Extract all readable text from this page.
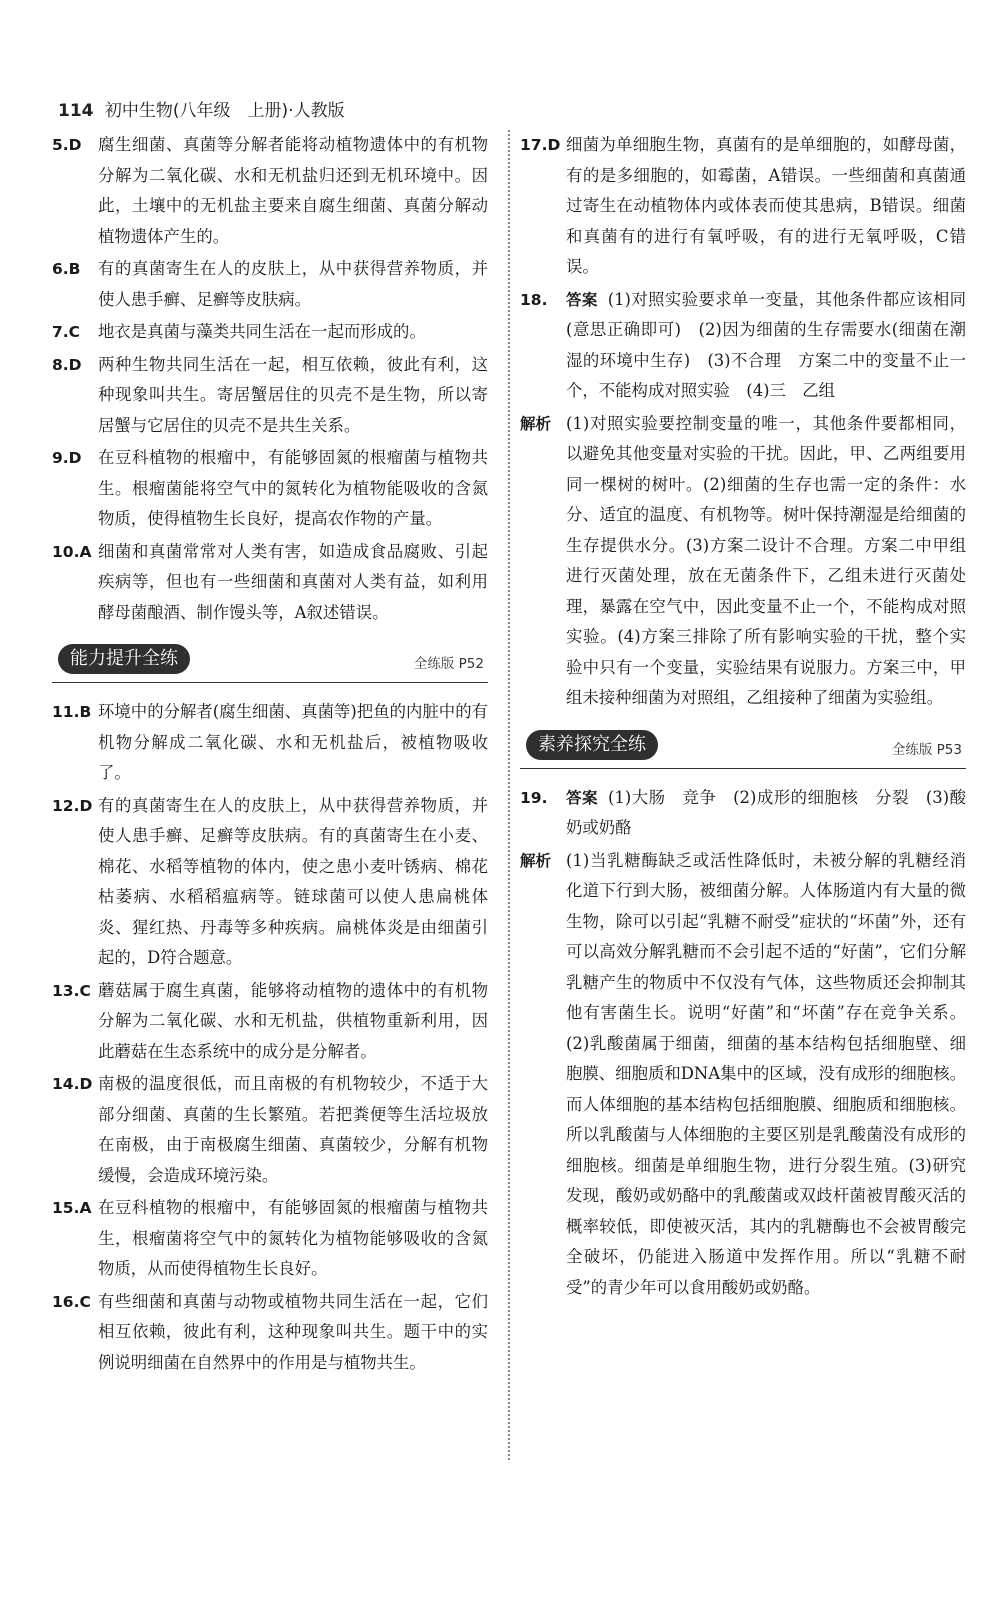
114 初中生物(八年级　上册)·人教版
5.D 腐生细菌、真菌等分解者能将动植物遗体中的有机物分解为二氧化碳、水和无机盐归还到无机环境中。因此，土壤中的无机盐主要来自腐生细菌、真菌分解动植物遗体产生的。
6.B 有的真菌寄生在人的皮肤上，从中获得营养物质，并使人患手癣、足癣等皮肤病。
7.C 地衣是真菌与藻类共同生活在一起而形成的。
8.D 两种生物共同生活在一起，相互依赖，彼此有利，这种现象叫共生。寄居蟹居住的贝壳不是生物，所以寄居蟹与它居住的贝壳不是共生关系。
9.D 在豆科植物的根瘤中，有能够固氮的根瘤菌与植物共生。根瘤菌能将空气中的氮转化为植物能吸收的含氮物质，使得植物生长良好，提高农作物的产量。
10.A 细菌和真菌常常对人类有害，如造成食品腐败、引起疾病等，但也有一些细菌和真菌对人类有益，如利用酵母菌酿酒、制作馒头等，A叙述错误。
能力提升全练	全练版 P52
11.B 环境中的分解者(腐生细菌、真菌等)把鱼的内脏中的有机物分解成二氧化碳、水和无机盐后，被植物吸收了。
12.D 有的真菌寄生在人的皮肤上，从中获得营养物质，并使人患手癣、足癣等皮肤病。有的真菌寄生在小麦、棉花、水稻等植物的体内，使之患小麦叶锈病、棉花枯萎病、水稻稻瘟病等。链球菌可以使人患扁桃体炎、猩红热、丹毒等多种疾病。扁桃体炎是由细菌引起的，D符合题意。
13.C 蘑菇属于腐生真菌，能够将动植物的遗体中的有机物分解为二氧化碳、水和无机盐，供植物重新利用，因此蘑菇在生态系统中的成分是分解者。
14.D 南极的温度很低，而且南极的有机物较少，不适于大部分细菌、真菌的生长繁殖。若把粪便等生活垃圾放在南极，由于南极腐生细菌、真菌较少，分解有机物缓慢，会造成环境污染。
15.A 在豆科植物的根瘤中，有能够固氮的根瘤菌与植物共生，根瘤菌将空气中的氮转化为植物能够吸收的含氮物质，从而使得植物生长良好。
16.C 有些细菌和真菌与动物或植物共同生活在一起，它们相互依赖，彼此有利，这种现象叫共生。题干中的实例说明细菌在自然界中的作用是与植物共生。
17.D 细菌为单细胞生物，真菌有的是单细胞的，如酵母菌，有的是多细胞的，如霉菌，A错误。一些细菌和真菌通过寄生在动植物体内或体表而使其患病，B错误。细菌和真菌有的进行有氧呼吸，有的进行无氧呼吸，C错误。
18. 答案 (1)对照实验要求单一变量，其他条件都应该相同(意思正确即可)　(2)因为细菌的生存需要水(细菌在潮湿的环境中生存)　(3)不合理　方案二中的变量不止一个，不能构成对照实验　(4)三　乙组
解析 (1)对照实验要控制变量的唯一，其他条件要都相同，以避免其他变量对实验的干扰。因此，甲、乙两组要用同一棵树的树叶。(2)细菌的生存也需一定的条件：水分、适宜的温度、有机物等。树叶保持潮湿是给细菌的生存提供水分。(3)方案二设计不合理。方案二中甲组进行灭菌处理，放在无菌条件下，乙组未进行灭菌处理，暴露在空气中，因此变量不止一个，不能构成对照实验。(4)方案三排除了所有影响实验的干扰，整个实验中只有一个变量，实验结果有说服力。方案三中，甲组未接种细菌为对照组，乙组接种了细菌为实验组。
素养探究全练	全练版 P53
19. 答案 (1)大肠　竞争　(2)成形的细胞核　分裂　(3)酸奶或奶酪
解析 (1)当乳糖酶缺乏或活性降低时，未被分解的乳糖经消化道下行到大肠，被细菌分解。人体肠道内有大量的微生物，除可以引起“乳糖不耐受”症状的“坏菌”外，还有可以高效分解乳糖而不会引起不适的“好菌”，它们分解乳糖产生的物质中不仅没有气体，这些物质还会抑制其他有害菌生长。说明“好菌”和“坏菌”存在竞争关系。(2)乳酸菌属于细菌，细菌的基本结构包括细胞壁、细胞膜、细胞质和DNA集中的区域，没有成形的细胞核。而人体细胞的基本结构包括细胞膜、细胞质和细胞核。所以乳酸菌与人体细胞的主要区别是乳酸菌没有成形的细胞核。细菌是单细胞生物，进行分裂生殖。(3)研究发现，酸奶或奶酪中的乳酸菌或双歧杆菌被胃酸灭活的概率较低，即使被灭活，其内的乳糖酶也不会被胃酸完全破坏，仍能进入肠道中发挥作用。所以“乳糖不耐受”的青少年可以食用酸奶或奶酪。
